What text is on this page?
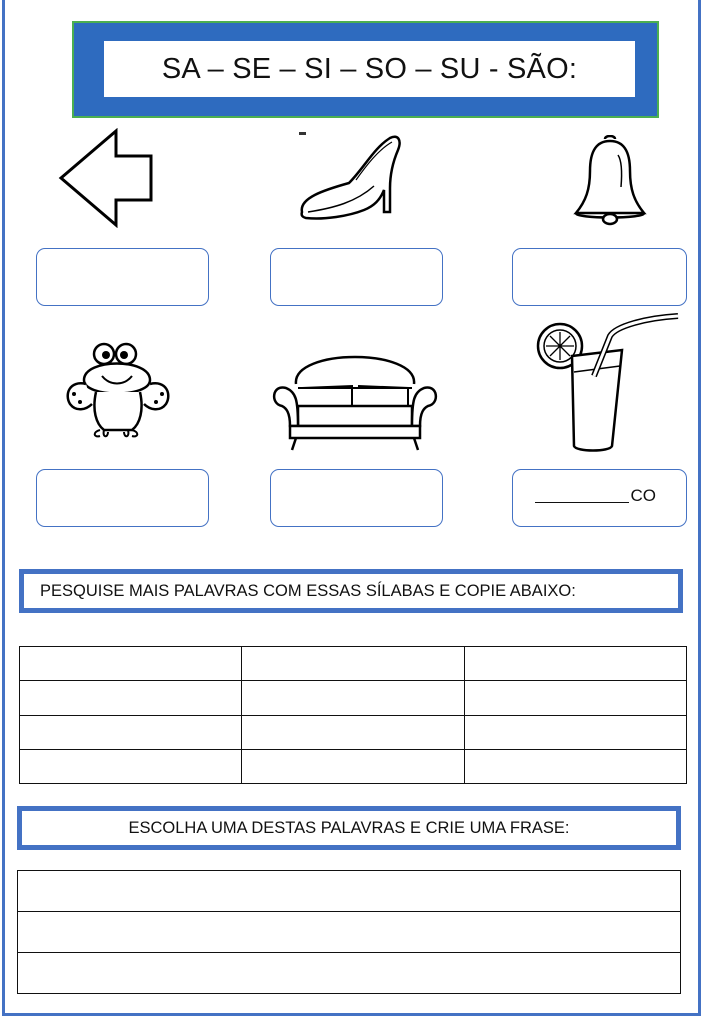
SA – SE – SI – SO – SU - SÃO:
CO
PESQUISE MAIS PALAVRAS COM ESSAS SÍLABAS E COPIE ABAIXO:

ESCOLHA UMA DESTAS PALAVRAS E CRIE UMA FRASE:
